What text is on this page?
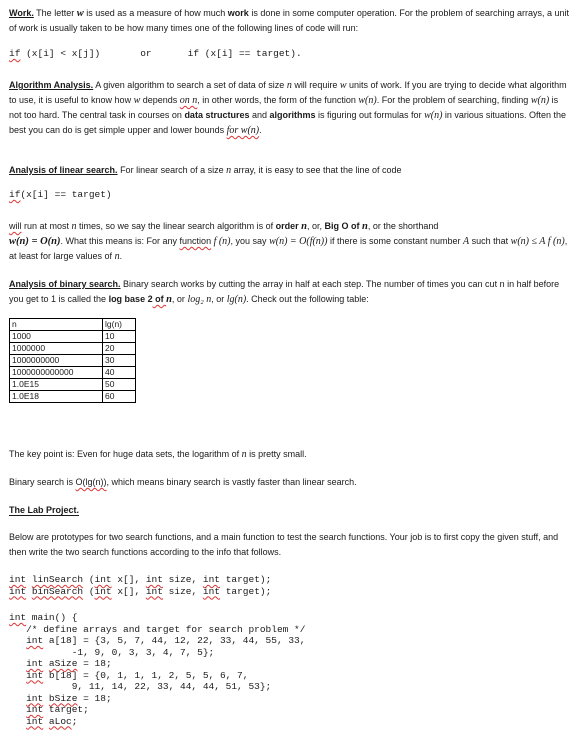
Work. The letter w is used as a measure of how much work is done in some computer operation. For the problem of searching arrays, a unit of work is usually taken to be how many times one of the following lines of code will run:

if (x[i] < x[j])	or	if (x[i] == target).

Algorithm Analysis. A given algorithm to search a set of data of size n will require w units of work. If you are trying to decide what algorithm to use, it is useful to know how w depends on n, in other words, the form of the function w(n). For the problem of searching, finding w(n) is not too hard. The central task in courses on data structures and algorithms is figuring out formulas for w(n) in various situations. Often the best you can do is get simple upper and lower bounds for w(n).

Analysis of linear search. For linear search of a size n array, it is easy to see that the line of code

if(x[i] == target)

will run at most n times, so we say the linear search algorithm is of order n, or, Big O of n, or the shorthand
w(n) = O(n). What this means is: For any function f (n), you say w(n) = O(f(n)) if there is some constant number A such that w(n) ≤ A f (n), at least for large values of n.

Analysis of binary search. Binary search works by cutting the array in half at each step. The number of times you can cut n in half before you get to 1 is called the log base 2 of n, or log₂ n, or lg(n). Check out the following table:

n	lg(n)
1000	10
1000000	20
1000000000	30
1000000000000	40
1.0E15	50
1.0E18	60

The key point is: Even for huge data sets, the logarithm of n is pretty small.

Binary search is O(lg(n)), which means binary search is vastly faster than linear search.

The Lab Project.

Below are prototypes for two search functions, and a main function to test the search functions. Your job is to first copy the given stuff, and then write the two search functions according to the info that follows.

int linSearch (int x[], int size, int target);

int binSearch (int x[], int size, int target);

int main() {

/* define arrays and target for search problem */

int a[18] = {3, 5, 7, 44, 12, 22, 33, 44, 55, 33,

-1, 9, 0, 3, 3, 4, 7, 5};

int aSize = 18;

int b[18] = {0, 1, 1, 1, 2, 5, 5, 6, 7,

9, 11, 14, 22, 33, 44, 44, 51, 53};

int bSize = 18;

int target;

int aLoc;
